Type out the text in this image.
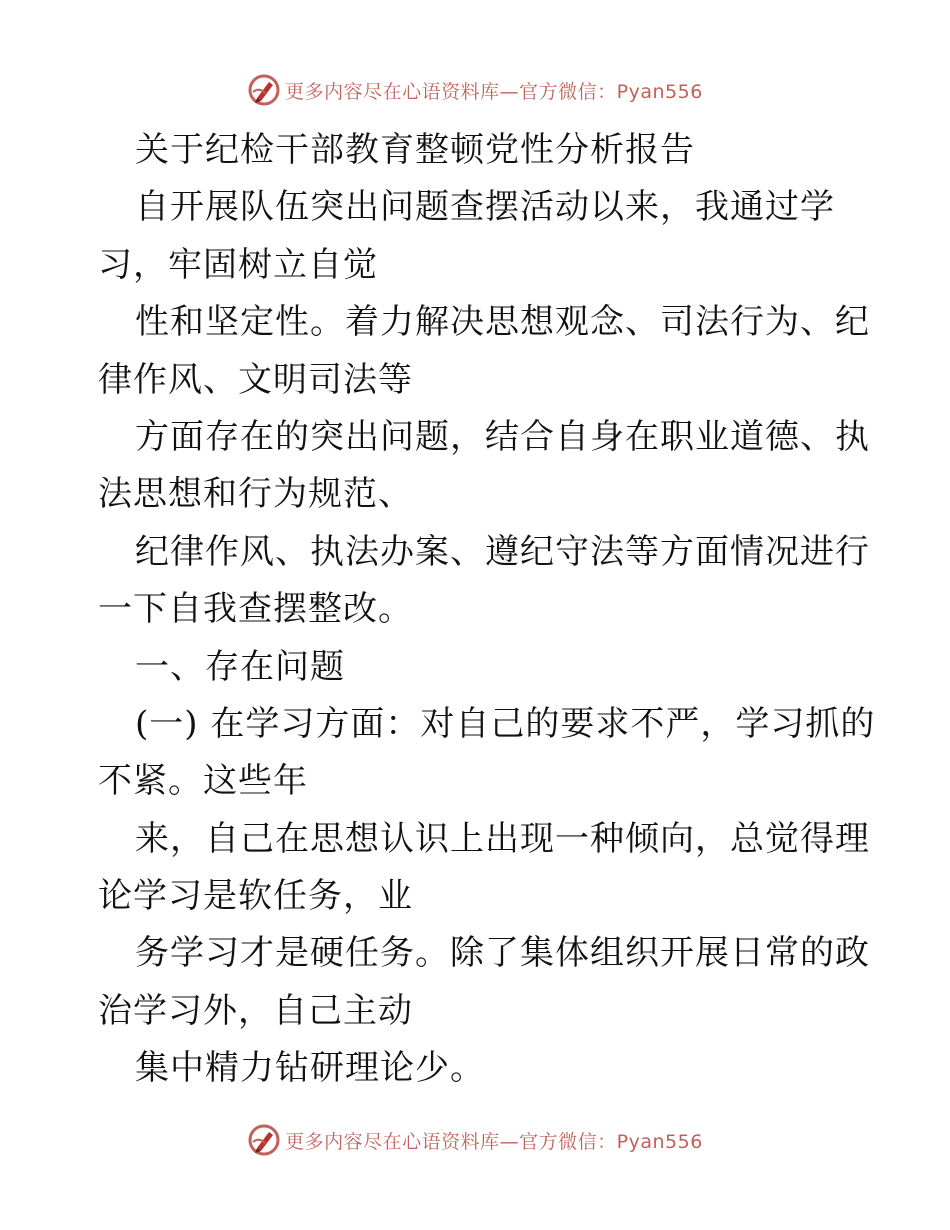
更多内容尽在心语资料库—官方微信：Pyan556
关于纪检干部教育整顿党性分析报告
自开展队伍突出问题查摆活动以来，我通过学
习，牢固树立自觉
性和坚定性。着力解决思想观念、司法行为、纪
律作风、文明司法等
方面存在的突出问题，结合自身在职业道德、执
法思想和行为规范、
纪律作风、执法办案、遵纪守法等方面情况进行
一下自我查摆整改。
一、存在问题
(一) 在学习方面：对自己的要求不严，学习抓的
不紧。这些年
来，自己在思想认识上出现一种倾向，总觉得理
论学习是软任务，业
务学习才是硬任务。除了集体组织开展日常的政
治学习外，自己主动
集中精力钻研理论少。
更多内容尽在心语资料库—官方微信：Pyan556
